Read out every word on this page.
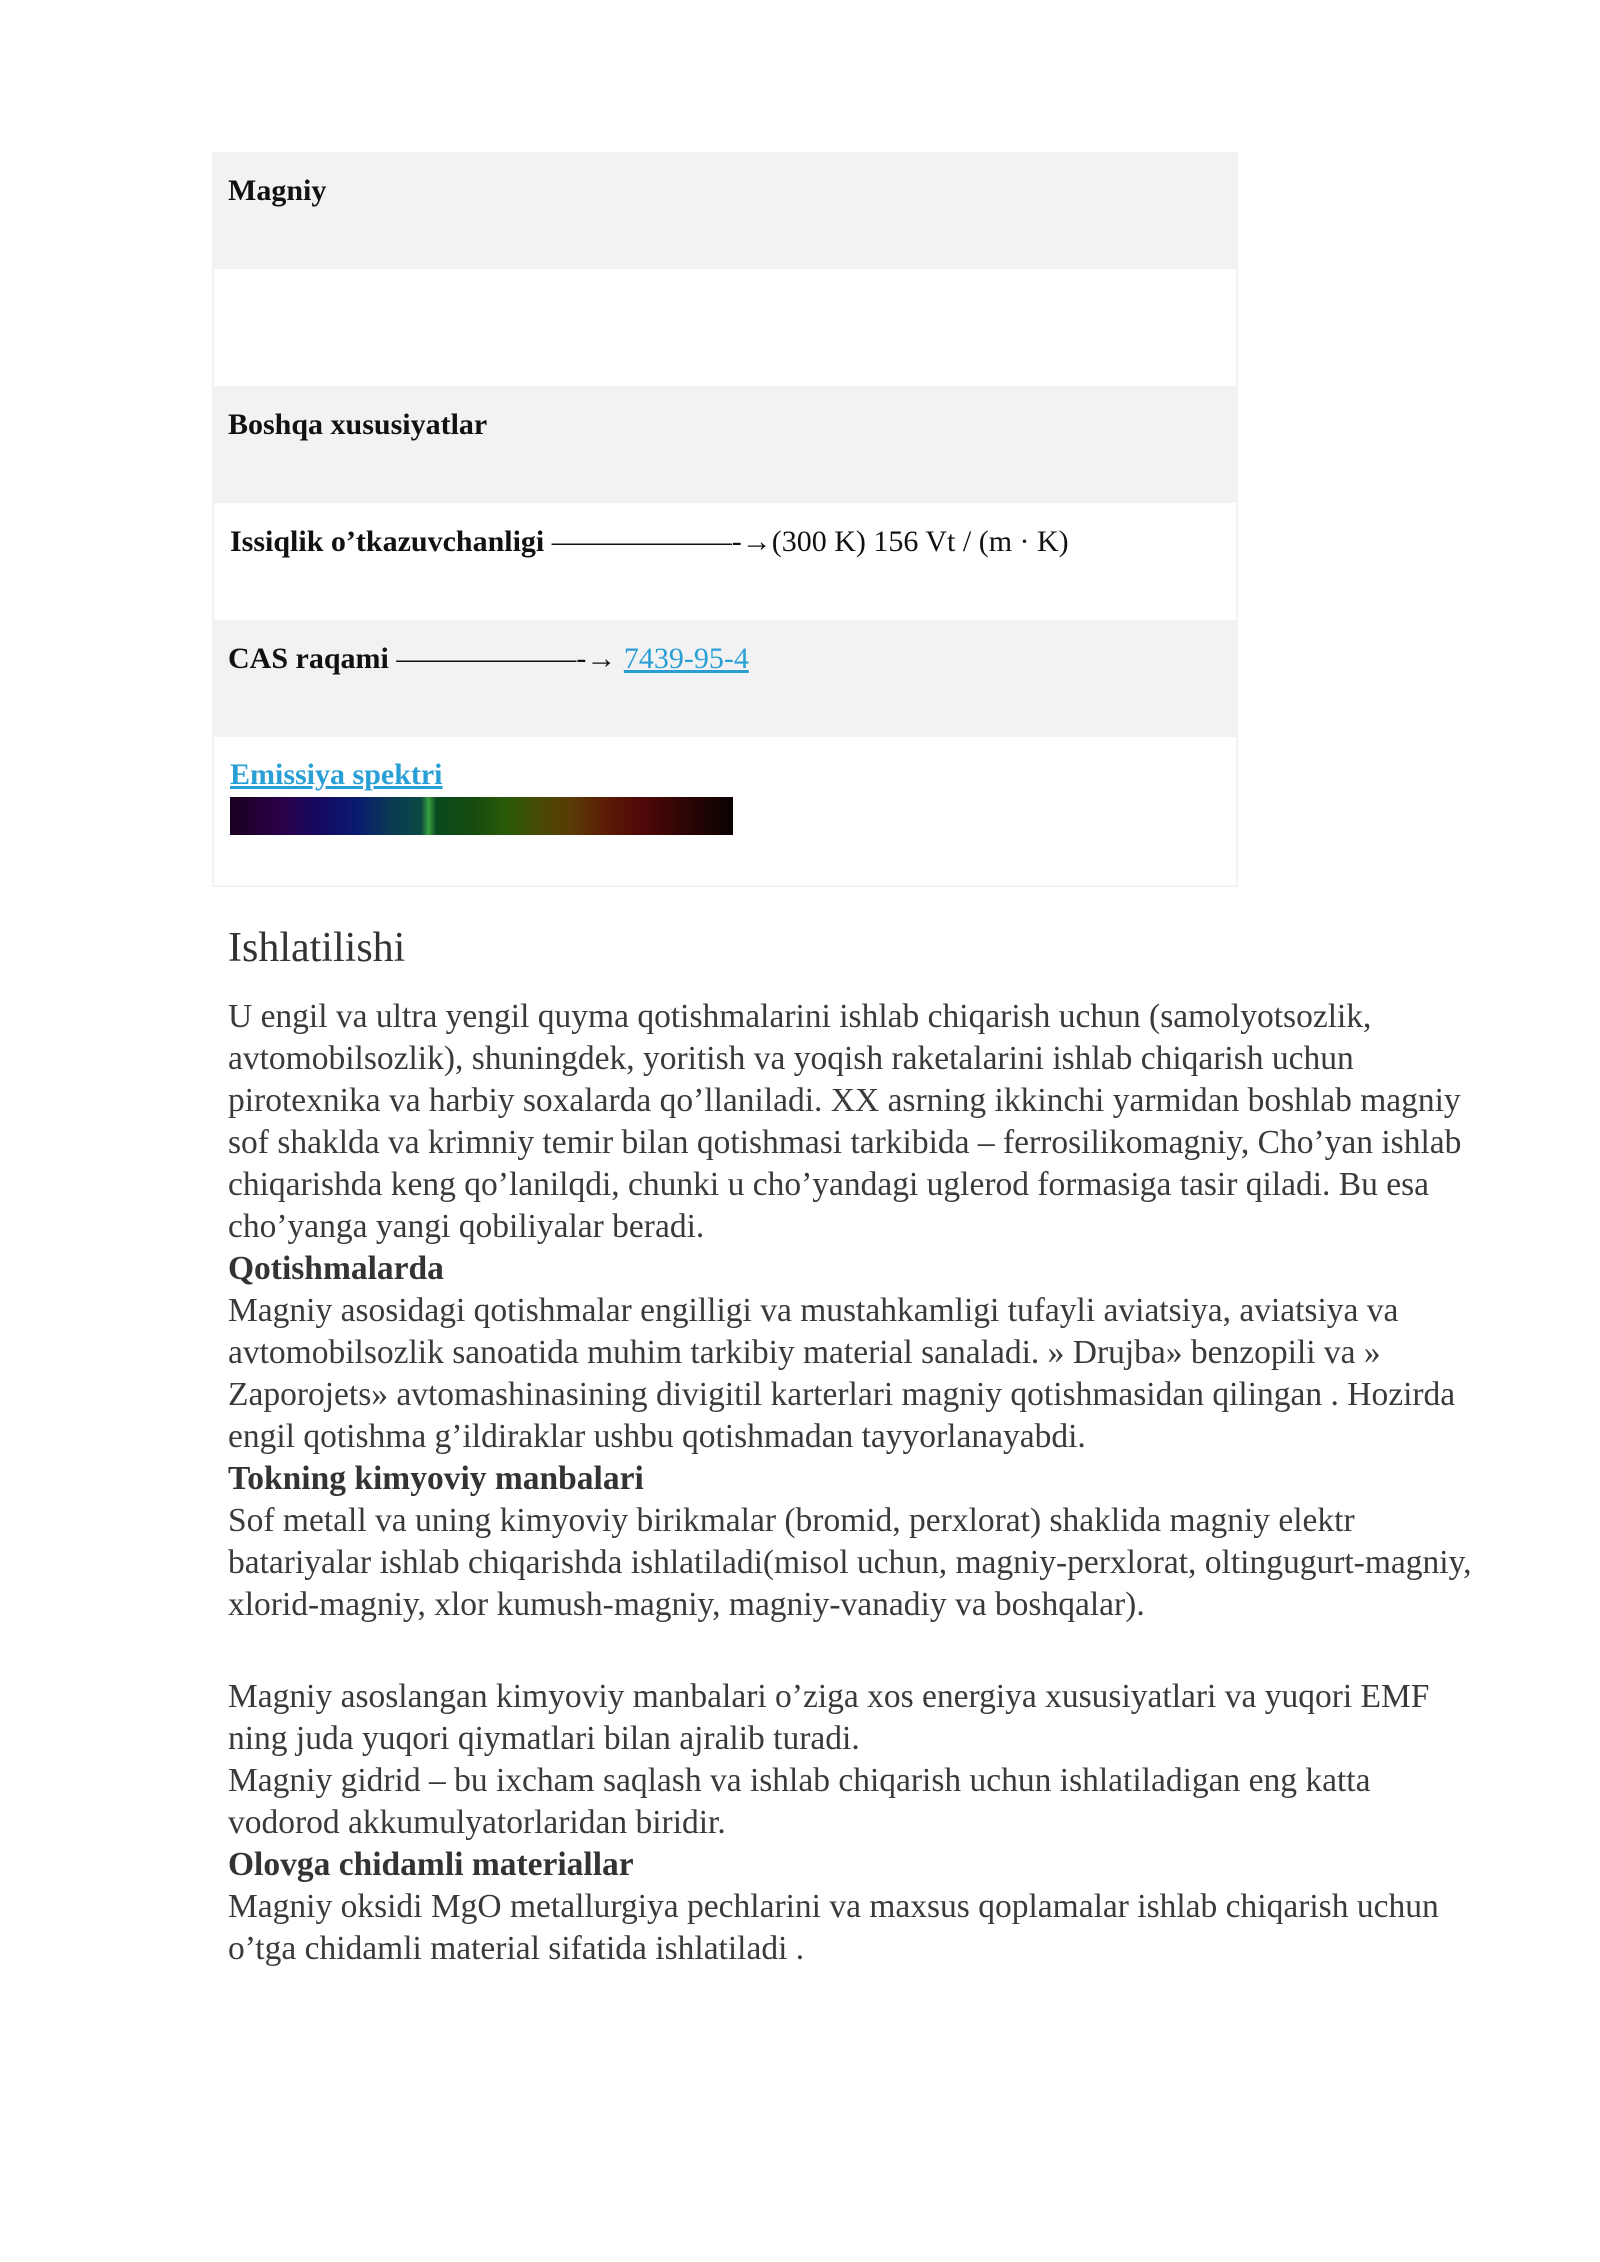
Magniy
Boshqa xususiyatlar
Issiqlik o’tkazuvchanligi ——————-→(300 K) 156 Vt / (m · K)
CAS raqami ——————-→ 7439-95-4
Emissiya spektri
Ishlatilishi

U engil va ultra yengil quyma qotishmalarini ishlab chiqarish uchun (samolyotsozlik, avtomobilsozlik), shuningdek, yoritish va yoqish raketalarini ishlab chiqarish uchun pirotexnika va harbiy soxalarda qo’llaniladi. XX asrning ikkinchi yarmidan boshlab magniy sof shaklda va krimniy temir bilan qotishmasi tarkibida – ferrosilikomagniy, Cho’yan ishlab chiqarishda keng qo’lanilqdi, chunki u cho’yandagi uglerod formasiga tasir qiladi. Bu esa cho’yanga yangi qobiliyalar beradi.

Qotishmalarda

Magniy asosidagi qotishmalar engilligi va mustahkamligi tufayli aviatsiya, aviatsiya va avtomobilsozlik sanoatida muhim tarkibiy material sanaladi. » Drujba» benzopili va » Zaporojets» avtomashinasining divigitil karterlari magniy qotishmasidan qilingan . Hozirda engil qotishma g’ildiraklar ushbu qotishmadan tayyorlanayabdi.

Tokning kimyoviy manbalari

Sof metall va uning kimyoviy birikmalar (bromid, perxlorat) shaklida magniy elektr batariyalar ishlab chiqarishda ishlatiladi(misol uchun, magniy-perxlorat, oltingugurt-magniy, xlorid-magniy, xlor kumush-magniy, magniy-vanadiy va boshqalar).

Magniy asoslangan kimyoviy manbalari o’ziga xos energiya xususiyatlari va yuqori EMF ning juda yuqori qiymatlari bilan ajralib turadi.

Magniy gidrid – bu ixcham saqlash va ishlab chiqarish uchun ishlatiladigan eng katta vodorod akkumulyatorlaridan biridir.

Olovga chidamli materiallar

Magniy oksidi MgO metallurgiya pechlarini va maxsus qoplamalar ishlab chiqarish uchun o’tga chidamli material sifatida ishlatiladi .
